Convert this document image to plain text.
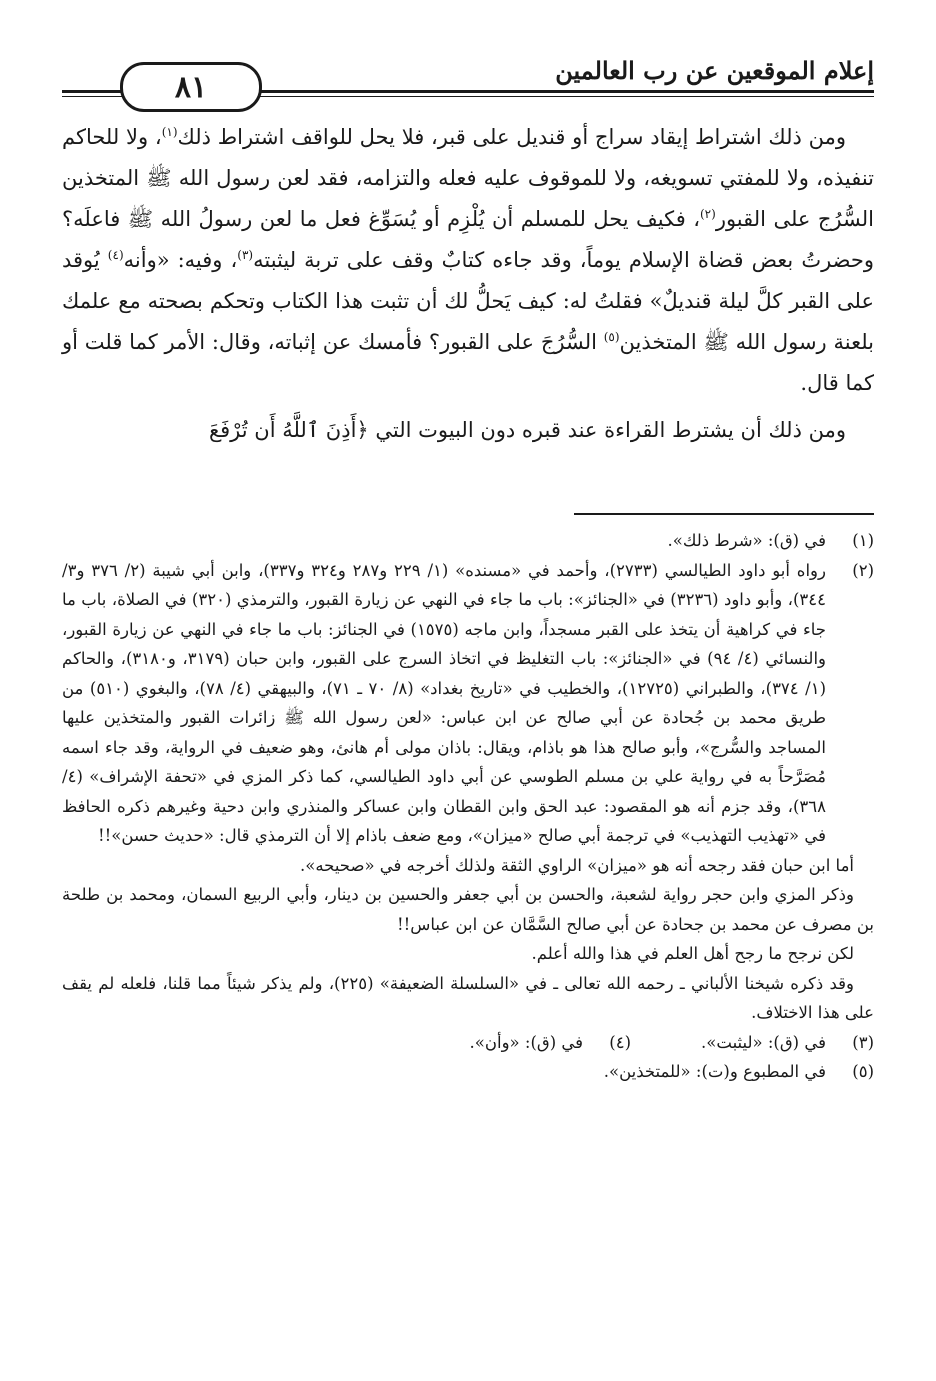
إعلام الموقعين عن رب العالمين
٨١

ومن ذلك اشتراط إيقاد سراج أو قنديل على قبر، فلا يحل للواقف اشتراط ذلك$^{(١)}$، ولا للحاكم تنفيذه، ولا للمفتي تسويغه، ولا للموقوف عليه فعله والتزامه، فقد لعن رسول الله ﷺ المتخذين السُّرُج على القبور$^{(٢)}$، فكيف يحل للمسلم أن يُلْزِم أو يُسَوِّغ فعل ما لعن رسولُ الله ﷺ فاعلَه؟ وحضرتُ بعض قضاة الإسلام يوماً، وقد جاءه كتابٌ وقف على تربة ليثبته$^{(٣)}$، وفيه: «وأنه$^{(٤)}$ يُوقد على القبر كلَّ ليلة قنديلٌ» فقلتُ له: كيف يَحلُّ لك أن تثبت هذا الكتاب وتحكم بصحته مع علمك بلعنة رسول الله ﷺ المتخذين$^{(٥)}$ السُّرُجَ على القبور؟ فأمسك عن إثباته، وقال: الأمر كما قلت أو كما قال.

ومن ذلك أن يشترط القراءة عند قبره دون البيوت التي ﴿أَذِنَ ٱللَّهُ أَن تُرْفَعَ

(١)
في (ق): «شرط ذلك».
(٢)
رواه أبو داود الطيالسي (٢٧٣٣)، وأحمد في «مسنده» (١/ ٢٢٩ و٢٨٧ و٣٢٤ و٣٣٧)، وابن أبي شيبة (٢/ ٣٧٦ و٣/ ٣٤٤)، وأبو داود (٣٢٣٦) في «الجنائز»: باب ما جاء في النهي عن زيارة القبور، والترمذي (٣٢٠) في الصلاة، باب ما جاء في كراهية أن يتخذ على القبر مسجداً، وابن ماجه (١٥٧٥) في الجنائز: باب ما جاء في النهي عن زيارة القبور، والنسائي (٤/ ٩٤) في «الجنائز»: باب التغليظ في اتخاذ السرج على القبور، وابن حبان (٣١٧٩، و٣١٨٠)، والحاكم (١/ ٣٧٤)، والطبراني (١٢٧٢٥)، والخطيب في «تاريخ بغداد» (٨/ ٧٠ ـ ٧١)، والبيهقي (٤/ ٧٨)، والبغوي (٥١٠) من طريق محمد بن جُحادة عن أبي صالح عن ابن عباس: «لعن رسول الله ﷺ زائرات القبور والمتخذين عليها المساجد والسُّرج»، وأبو صالح هذا هو باذام، ويقال: باذان مولى أم هانئ، وهو ضعيف في الرواية، وقد جاء اسمه مُصَرَّحاً به في رواية علي بن مسلم الطوسي عن أبي داود الطيالسي، كما ذكر المزي في «تحفة الإشراف» (٤/ ٣٦٨)، وقد جزم أنه هو المقصود: عبد الحق وابن القطان وابن عساكر والمنذري وابن دحية وغيرهم ذكره الحافظ في «تهذيب التهذيب» في ترجمة أبي صالح «ميزان»، ومع ضعف باذام إلا أن الترمذي قال: «حديث حسن»!!

أما ابن حبان فقد رجحه أنه هو «ميزان» الراوي الثقة ولذلك أخرجه في «صحيحه».

وذكر المزي وابن حجر رواية لشعبة، والحسن بن أبي جعفر والحسين بن دينار، وأبي الربيع السمان، ومحمد بن طلحة بن مصرف عن محمد بن جحادة عن أبي صالح السَّمَّان عن ابن عباس!!

لكن نرجح ما رجح أهل العلم في هذا والله أعلم.

وقد ذكره شيخنا الألباني ـ رحمه الله تعالى ـ في «السلسلة الضعيفة» (٢٢٥)، ولم يذكر شيئاً مما قلنا، فلعله لم يقف على هذا الاختلاف.

(٣)
في (ق): «ليثبت».
(٤)
في (ق): «وأن».
(٥)
في المطبوع و(ت): «للمتخذين».
